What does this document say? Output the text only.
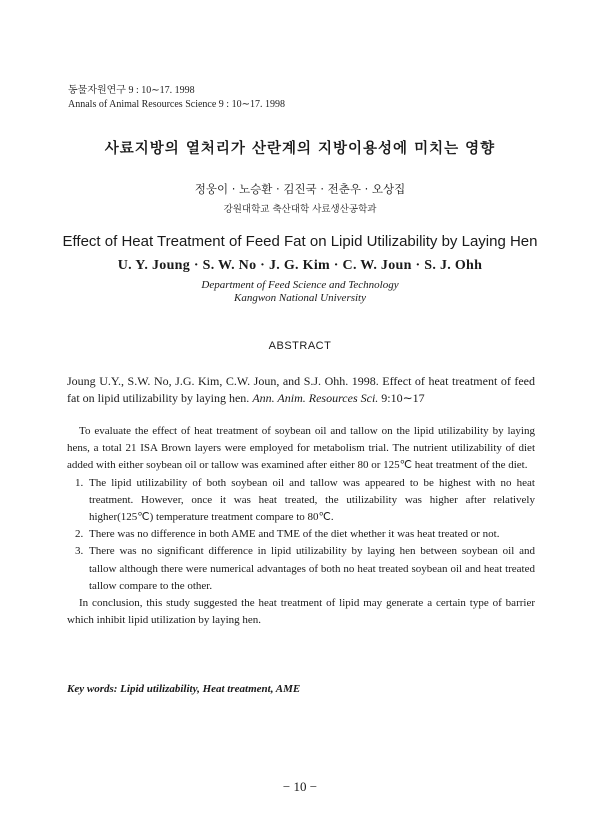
동물자원연구 9 : 10∼17. 1998
Annals of Animal Resources Science 9 : 10∼17. 1998
사료지방의 열처리가 산란계의 지방이용성에 미치는 영향
정웅이 · 노승환 · 김진국 · 전춘우 · 오상집
강원대학교 축산대학 사료생산공학과
Effect of Heat Treatment of Feed Fat on Lipid Utilizability by Laying Hen
U. Y. Joung · S. W. No · J. G. Kim · C. W. Joun · S. J. Ohh
Department of Feed Science and Technology
Kangwon National University
ABSTRACT
Joung U.Y., S.W. No, J.G. Kim, C.W. Joun, and S.J. Ohh. 1998. Effect of heat treatment of feed fat on lipid utilizability by laying hen. Ann. Anim. Resources Sci. 9:10∼17

To evaluate the effect of heat treatment of soybean oil and tallow on the lipid utilizability by laying hens, a total 21 ISA Brown layers were employed for metabolism trial. The nutrient utilizability of diet added with either soybean oil or tallow was examined after either 80 or 125℃ heat treatment of the diet.

1. The lipid utilizability of both soybean oil and tallow was appeared to be highest with no heat treatment. However, once it was heat treated, the utilizability was higher after relatively higher(125℃) temperature treatment compare to 80℃.
2. There was no difference in both AME and TME of the diet whether it was heat treated or not.
3. There was no significant difference in lipid utilizability by laying hen between soybean oil and tallow although there were numerical advantages of both no heat treated soybean oil and heat treated tallow compare to the other.

In conclusion, this study suggested the heat treatment of lipid may generate a certain type of barrier which inhibit lipid utilization by laying hen.

Key words: Lipid utilizability, Heat treatment, AME
− 10 −
